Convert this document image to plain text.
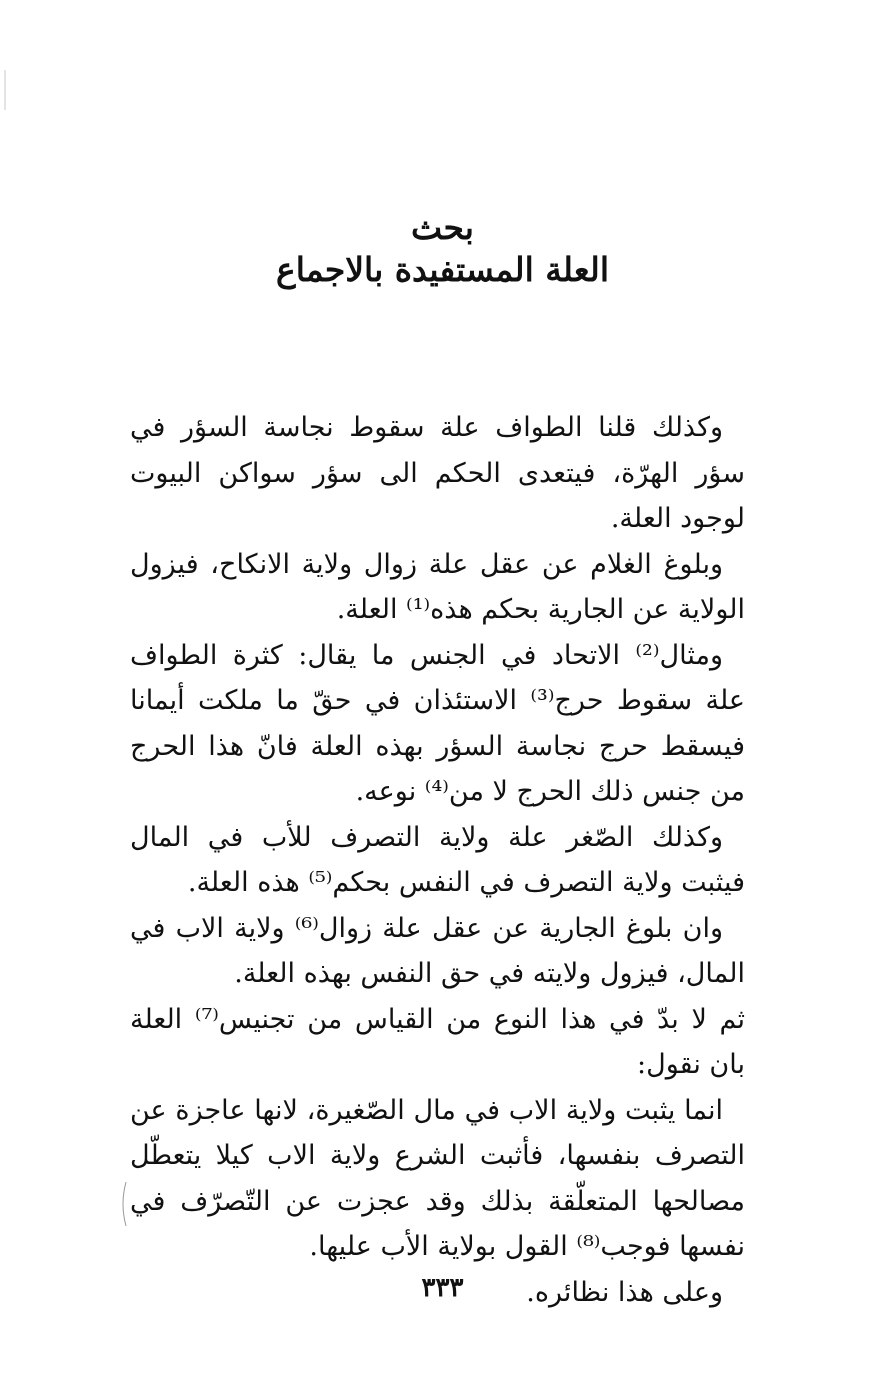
بحث
العلة المستفيدة بالاجماع

وكذلك قلنا الطواف علة سقوط نجاسة السؤر في سؤر الهرّة، فيتعدى الحكم الى سؤر سواكن البيوت لوجود العلة.

وبلوغ الغلام عن عقل علة زوال ولاية الانكاح، فيزول الولاية عن الجارية بحكم هذه⁽¹⁾ العلة.

ومثال⁽²⁾ الاتحاد في الجنس ما يقال: كثرة الطواف علة سقوط حرج⁽³⁾ الاستئذان في حقّ ما ملكت أيمانا فيسقط حرج نجاسة السؤر بهذه العلة فانّ هذا الحرج من جنس ذلك الحرج لا من⁽⁴⁾ نوعه.

وكذلك الصّغر علة ولاية التصرف للأب في المال فيثبت ولاية التصرف في النفس بحكم⁽⁵⁾ هذه العلة.

وان بلوغ الجارية عن عقل علة زوال⁽⁶⁾ ولاية الاب في المال، فيزول ولايته في حق النفس بهذه العلة.

ثم لا بدّ في هذا النوع من القياس من تجنيس⁽⁷⁾ العلة بان نقول:

انما يثبت ولاية الاب في مال الصّغيرة، لانها عاجزة عن التصرف بنفسها، فأثبت الشرع ولاية الاب كيلا يتعطّل مصالحها المتعلّقة بذلك وقد عجزت عن التّصرّف في نفسها فوجب⁽⁸⁾ القول بولاية الأب عليها.

وعلى هذا نظائره.

٣٣٣
